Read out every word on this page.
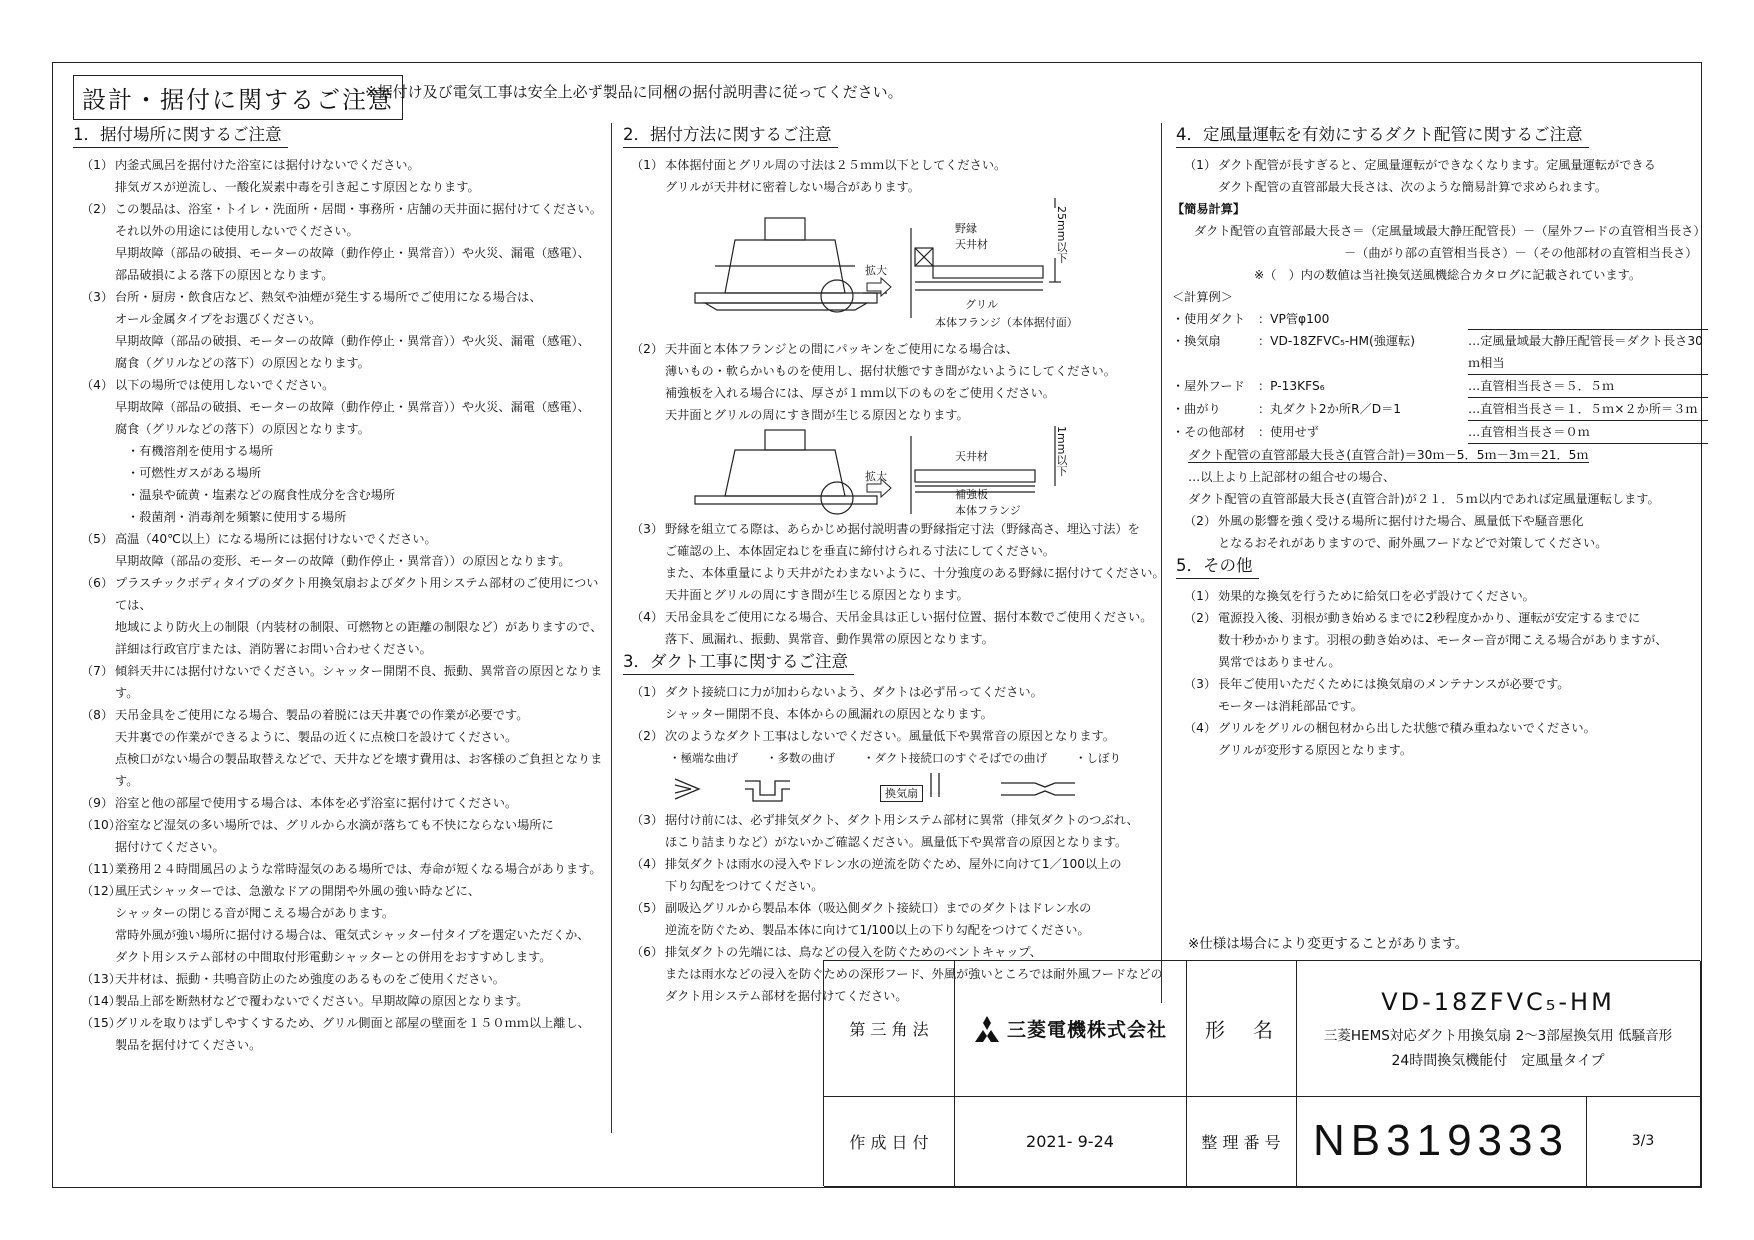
設計・据付に関するご注意
※据付け及び電気工事は安全上必ず製品に同梱の据付説明書に従ってください。
1．据付場所に関するご注意

（1） 内釜式風呂を据付けた浴室には据付けないでください。

排気ガスが逆流し、一酸化炭素中毒を引き起こす原因となります。

（2） この製品は、浴室・トイレ・洗面所・居間・事務所・店舗の天井面に据付けてください。

それ以外の用途には使用しないでください。

早期故障（部品の破損、モーターの故障（動作停止・異常音））や火災、漏電（感電）、

部品破損による落下の原因となります。

（3） 台所・厨房・飲食店など、熱気や油煙が発生する場所でご使用になる場合は、

オール金属タイプをお選びください。

早期故障（部品の破損、モーターの故障（動作停止・異常音））や火災、漏電（感電）、

腐食（グリルなどの落下）の原因となります。

（4） 以下の場所では使用しないでください。

早期故障（部品の破損、モーターの故障（動作停止・異常音））や火災、漏電（感電）、

腐食（グリルなどの落下）の原因となります。

・有機溶剤を使用する場所

・可燃性ガスがある場所

・温泉や硫黄・塩素などの腐食性成分を含む場所

・殺菌剤・消毒剤を頻繁に使用する場所

（5） 高温（40℃以上）になる場所には据付けないでください。

早期故障（部品の変形、モーターの故障（動作停止・異常音））の原因となります。

（6） プラスチックボディタイプのダクト用換気扇およびダクト用システム部材のご使用については、

地域により防火上の制限（内装材の制限、可燃物との距離の制限など）がありますので、

詳細は行政官庁または、消防署にお問い合わせください。

（7） 傾斜天井には据付けないでください。シャッター開閉不良、振動、異常音の原因となります。

（8） 天吊金具をご使用になる場合、製品の着脱には天井裏での作業が必要です。

天井裏での作業ができるように、製品の近くに点検口を設けてください。

点検口がない場合の製品取替えなどで、天井などを壊す費用は、お客様のご負担となります。

（9） 浴室と他の部屋で使用する場合は、本体を必ず浴室に据付けてください。

（10）浴室など湿気の多い場所では、グリルから水滴が落ちても不快にならない場所に

据付けてください。

（11）業務用２４時間風呂のような常時湿気のある場所では、寿命が短くなる場合があります。

（12）風圧式シャッターでは、急激なドアの開閉や外風の強い時などに、

シャッターの閉じる音が聞こえる場合があります。

常時外風が強い場所に据付ける場合は、電気式シャッター付タイプを選定いただくか、

ダクト用システム部材の中間取付形電動シャッターとの併用をおすすめします。

（13）天井材は、振動・共鳴音防止のため強度のあるものをご使用ください。

（14）製品上部を断熱材などで覆わないでください。早期故障の原因となります。

（15）グリルを取りはずしやすくするため、グリル側面と部屋の壁面を１５０ｍｍ以上離し、

製品を据付けてください。

2．据付方法に関するご注意

（1） 本体据付面とグリル周の寸法は２５ｍｍ以下としてください。

グリルが天井材に密着しない場合があります。

25mm以下
拡大
野縁
天井材
グリル
本体フランジ（本体据付面）

（2） 天井面と本体フランジとの間にパッキンをご使用になる場合は、

薄いもの・軟らかいものを使用し、据付状態ですき間がないようにしてください。

補強板を入れる場合には、厚さが１ｍｍ以下のものをご使用ください。

天井面とグリルの周にすき間が生じる原因となります。

1mm以下
拡大
天井材
補強板
本体フランジ

（3） 野縁を組立てる際は、あらかじめ据付説明書の野縁指定寸法（野縁高さ、埋込寸法）を

ご確認の上、本体固定ねじを垂直に締付けられる寸法にしてください。

また、本体重量により天井がたわまないように、十分強度のある野縁に据付けてください。

天井面とグリルの周にすき間が生じる原因となります。

（4） 天吊金具をご使用になる場合、天吊金具は正しい据付位置、据付本数でご使用ください。

落下、風漏れ、振動、異常音、動作異常の原因となります。

3．ダクト工事に関するご注意

（1） ダクト接続口に力が加わらないよう、ダクトは必ず吊ってください。

シャッター開閉不良、本体からの風漏れの原因となります。

（2） 次のようなダクト工事はしないでください。風量低下や異常音の原因となります。

・極端な曲げ ・多数の曲げ ・ダクト接続口のすぐそばでの曲げ ・しぼり
換気扇

（3） 据付け前には、必ず排気ダクト、ダクト用システム部材に異常（排気ダクトのつぶれ、

ほこり詰まりなど）がないかご確認ください。風量低下や異常音の原因となります。

（4） 排気ダクトは雨水の浸入やドレン水の逆流を防ぐため、屋外に向けて1／100以上の

下り勾配をつけてください。

（5） 副吸込グリルから製品本体（吸込側ダクト接続口）までのダクトはドレン水の

逆流を防ぐため、製品本体に向けて1/100以上の下り勾配をつけてください。

（6） 排気ダクトの先端には、鳥などの侵入を防ぐためのベントキャップ、

または雨水などの浸入を防ぐための深形フード、外風が強いところでは耐外風フードなどの

ダクト用システム部材を据付けてください。

4．定風量運転を有効にするダクト配管に関するご注意

（1） ダクト配管が長すぎると、定風量運転ができなくなります。定風量運転ができる

ダクト配管の直管部最大長さは、次のような簡易計算で求められます。

【簡易計算】

ダクト配管の直管部最大長さ＝（定風量域最大静圧配管長）－（屋外フードの直管相当長さ）

－（曲がり部の直管相当長さ）－（その他部材の直管相当長さ）

※（　）内の数値は当社換気送風機総合カタログに記載されています。

＜計算例＞

・使用ダクト	：VP管φ100
・換気扇	：VD-18ZFVC₅-HM(強運転)	…定風量域最大静圧配管長＝ダクト長さ30ｍ相当
・屋外フード	：P-13KFS₆	…直管相当長さ＝５．５ｍ
・曲がり	：丸ダクト2か所R／D＝1	…直管相当長さ＝１．５ｍ×２か所＝３ｍ
・その他部材	：使用せず	…直管相当長さ＝０ｍ

ダクト配管の直管部最大長さ(直管合計)＝30ｍ－5．5ｍ－3ｍ＝21．5ｍ

…以上より上記部材の組合せの場合、

ダクト配管の直管部最大長さ(直管合計)が２１．５ｍ以内であれば定風量運転します。

（2） 外風の影響を強く受ける場所に据付けた場合、風量低下や騒音悪化

となるおそれがありますので、耐外風フードなどで対策してください。

5．その他

（1） 効果的な換気を行うために給気口を必ず設けてください。

（2） 電源投入後、羽根が動き始めるまでに2秒程度かかり、運転が安定するまでに

数十秒かかります。羽根の動き始めは、モーター音が聞こえる場合がありますが、

異常ではありません。

（3） 長年ご使用いただくためには換気扇のメンテナンスが必要です。

モーターは消耗部品です。

（4） グリルをグリルの梱包材から出した状態で積み重ねないでください。

グリルが変形する原因となります。

※仕様は場合により変更することがあります。
第 三 角 法	三菱電機株式会社	形　名
VD-18ZFVC₅-HM
三菱HEMS対応ダクト用換気扇 2～3部屋換気用 低騒音形
24時間換気機能付　定風量タイプ
作 成 日 付	2021- 9-24	整 理 番 号 NB319333	3/3
